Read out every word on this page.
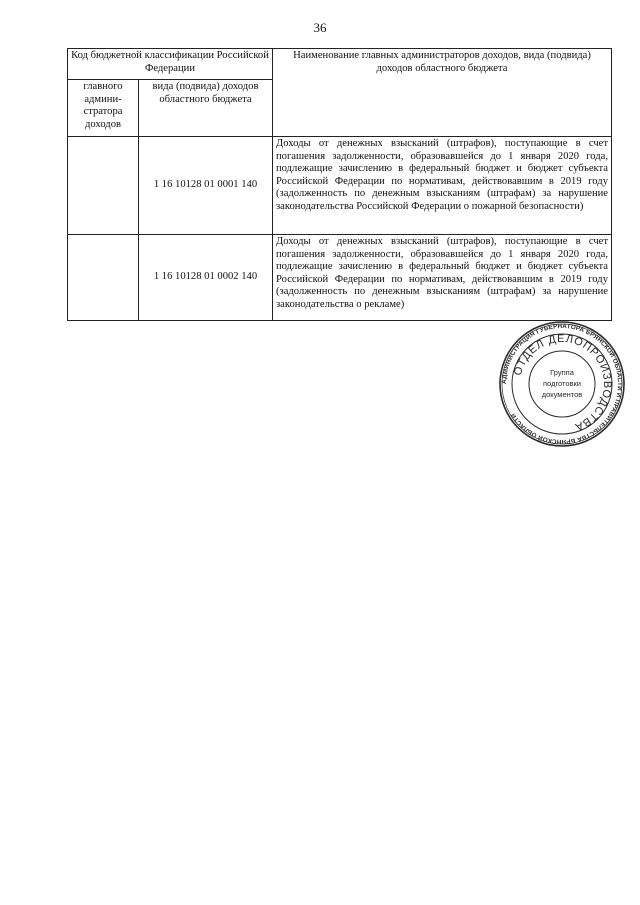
36
Код бюджетной классификации Российской Федерации		Наименование главных администраторов доходов, вида (подвида) доходов областного бюджета
главного админи-стратора доходов	вида (подвида) доходов областного бюджета	
	1 16 10128 01 0001 140	Доходы от денежных взысканий (штрафов), поступающие в счет погашения задолженности, образовавшейся до 1 января 2020 года, подлежащие зачислению в федеральный бюджет и бюджет субъекта Российской Федерации по нормативам, действовавшим в 2019 году (задолженность по денежным взысканиям (штрафам) за нарушение законодательства Российской Федерации о пожарной безопасности)
	1 16 10128 01 0002 140	Доходы от денежных взысканий (штрафов), поступающие в счет погашения задолженности, образовавшейся до 1 января 2020 года, подлежащие зачислению в федеральный бюджет и бюджет субъекта Российской Федерации по нормативам, действовавшим в 2019 году (задолженность по денежным взысканиям (штрафам) за нарушение законодательства о рекламе)
АДМИНИСТРАЦИЯ ГУБЕРНАТОРА БРЯНСКОЙ ОБЛАСТИ И ПРАВИТЕЛЬСТВА БРЯНСКОЙ ОБЛАСТИ
ОТДЕЛ ДЕЛОПРОИЗВОДСТВА
Группа
подготовки
документов
